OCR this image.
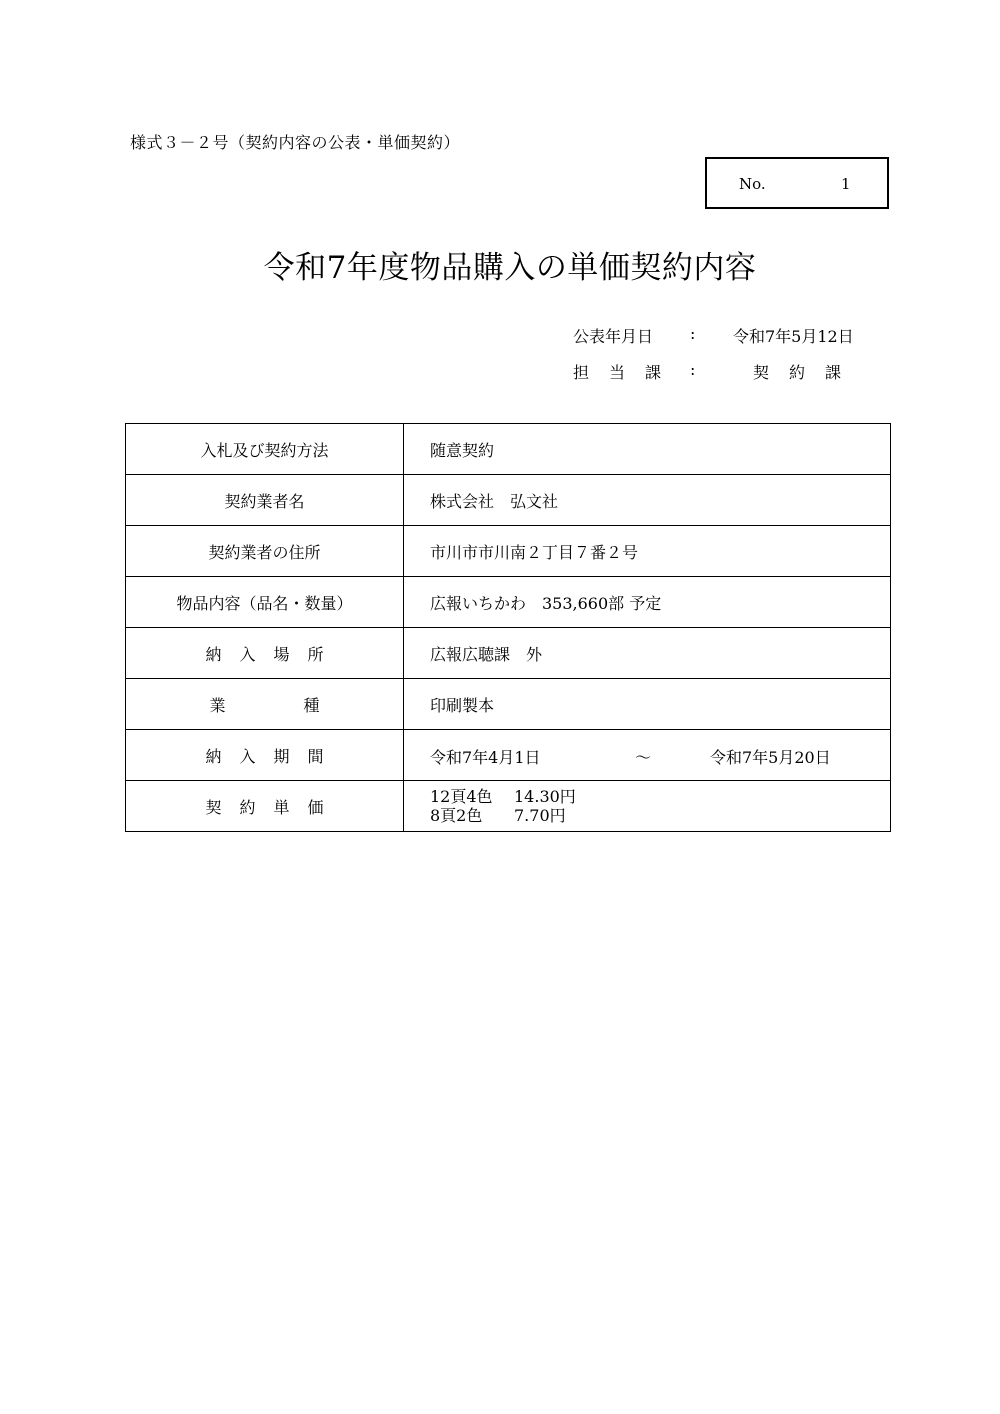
様式３－２号（契約内容の公表・単価契約）
No.	1
令和7年度物品購入の単価契約内容
公表年月日 : 令和7年5月12日
担当課 :	契約課
入札及び契約方法	随意契約
契約業者名	株式会社　弘文社
契約業者の住所	市川市市川南２丁目７番２号
物品内容（品名・数量）	広報いちかわ　353,660部 予定
納入場所	広報広聴課　外
業種	印刷製本
納入期間	令和7年4月1日 ～ 令和7年5月20日

契約単価	12頁4色 14.30円
8頁2色 7.70円
